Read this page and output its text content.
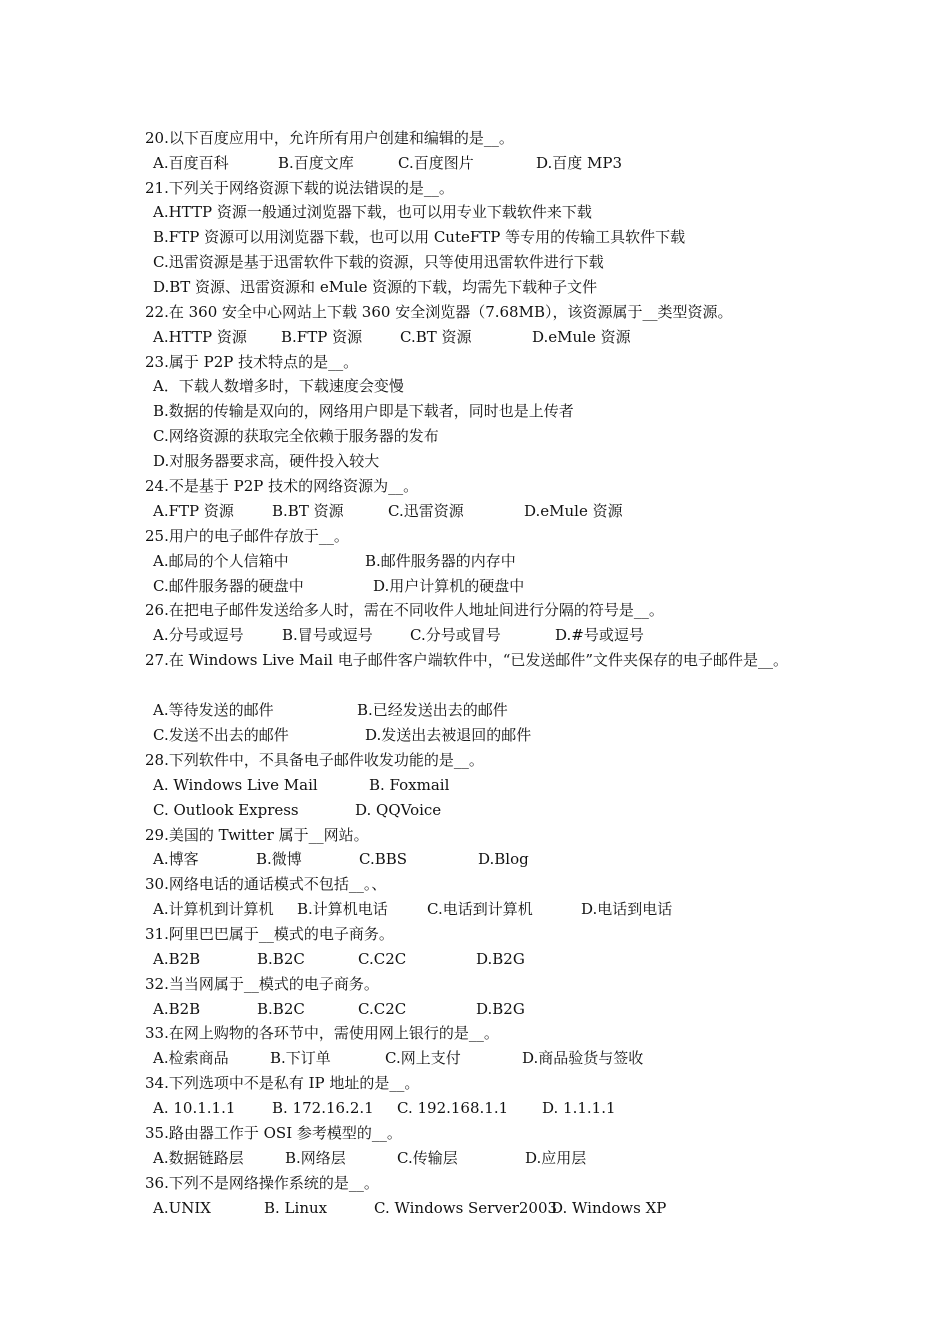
20.以下百度应用中，允许所有用户创建和编辑的是__。
A.百度百科	B.百度文库	C.百度图片	D.百度 MP3
21.下列关于网络资源下载的说法错误的是__。
A.HTTP 资源一般通过浏览器下载，也可以用专业下载软件来下载
B.FTP 资源可以用浏览器下载，也可以用 CuteFTP 等专用的传输工具软件下载
C.迅雷资源是基于迅雷软件下载的资源，只等使用迅雷软件进行下载
D.BT 资源、迅雷资源和 eMule 资源的下载，均需先下载种子文件
22.在 360 安全中心网站上下载 360 安全浏览器（7.68MB），该资源属于__类型资源。
A.HTTP 资源 B.FTP 资源	C.BT 资源	D.eMule 资源
23.属于 P2P 技术特点的是__。
A．下载人数增多时，下载速度会变慢
B.数据的传输是双向的，网络用户即是下载者，同时也是上传者
C.网络资源的获取完全依赖于服务器的发布
D.对服务器要求高，硬件投入较大
24.不是基于 P2P 技术的网络资源为__。
A.FTP 资源	B.BT 资源	C.迅雷资源	D.eMule 资源
25.用户的电子邮件存放于__。
A.邮局的个人信箱中	B.邮件服务器的内存中
C.邮件服务器的硬盘中	D.用户计算机的硬盘中
26.在把电子邮件发送给多人时，需在不同收件人地址间进行分隔的符号是__。
A.分号或逗号	B.冒号或逗号 C.分号或冒号	D.#号或逗号
27.在 Windows Live Mail 电子邮件客户端软件中，“已发送邮件”文件夹保存的电子邮件是__。
A.等待发送的邮件	B.已经发送出去的邮件
C.发送不出去的邮件	D.发送出去被退回的邮件
28.下列软件中，不具备电子邮件收发功能的是__。
A. Windows Live Mail	B. Foxmail
C. Outlook Express	D. QQVoice
29.美国的 Twitter 属于__网站。
A.博客	B.微博	C.BBS	D.Blog
30.网络电话的通话模式不包括__。、
A.计算机到计算机 B.计算机电话	C.电话到计算机	D.电话到电话
31.阿里巴巴属于__模式的电子商务。
A.B2B	B.B2C	C.C2C	D.B2G
32.当当网属于__模式的电子商务。
A.B2B	B.B2C	C.C2C	D.B2G
33.在网上购物的各环节中，需使用网上银行的是__。
A.检索商品	B.下订单	C.网上支付	D.商品验货与签收
34.下列选项中不是私有 IP 地址的是__。
A. 10.1.1.1 B. 172.16.2.1 C. 192.168.1.1 D. 1.1.1.1
35.路由器工作于 OSI 参考模型的__。
A.数据链路层	B.网络层	C.传输层	D.应用层
36.下列不是网络操作系统的是__。
A.UNIX	B. Linux	C. Windows Server2003
D. Windows XP
